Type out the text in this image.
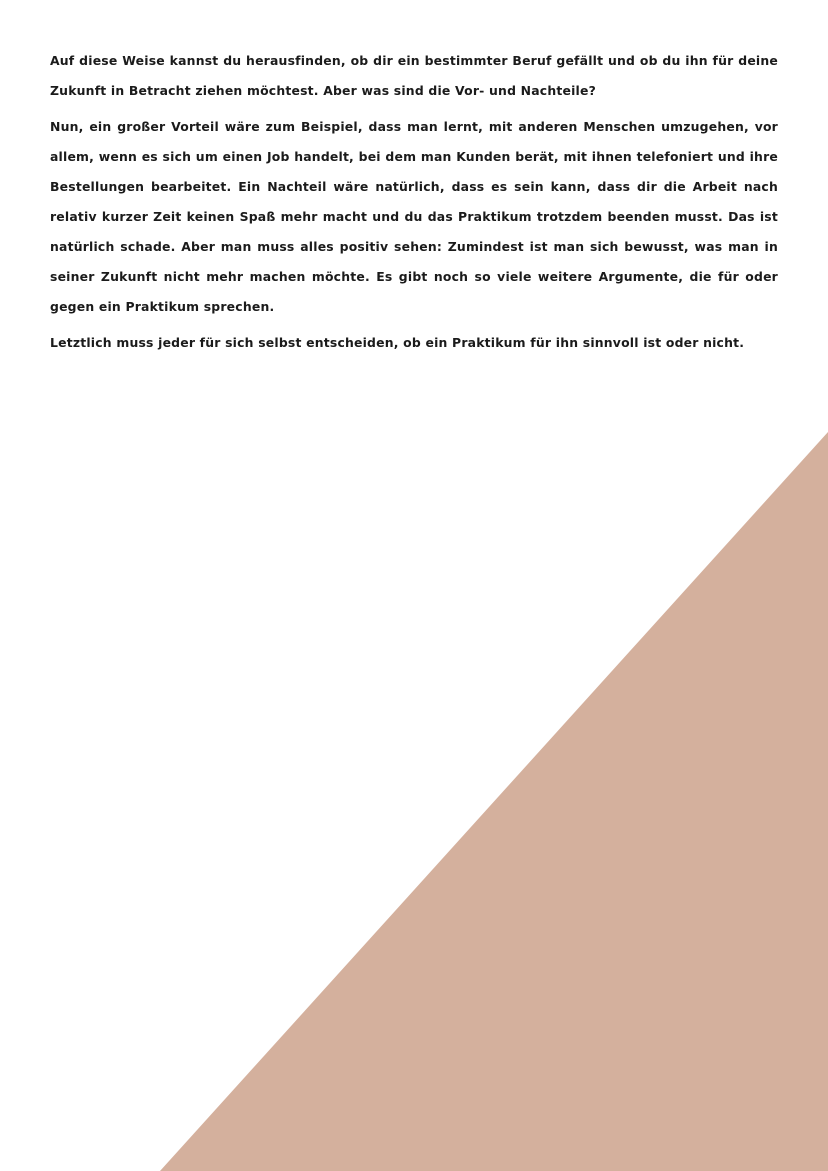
Auf diese Weise kannst du herausfinden, ob dir ein bestimmter Beruf gefällt und ob du ihn für deine Zukunft in Betracht ziehen möchtest. Aber was sind die Vor- und Nachteile?

Nun, ein großer Vorteil wäre zum Beispiel, dass man lernt, mit anderen Menschen umzugehen, vor allem, wenn es sich um einen Job handelt, bei dem man Kunden berät, mit ihnen telefoniert und ihre Bestellungen bearbeitet. Ein Nachteil wäre natürlich, dass es sein kann, dass dir die Arbeit nach relativ kurzer Zeit keinen Spaß mehr macht und du das Praktikum trotzdem beenden musst. Das ist natürlich schade. Aber man muss alles positiv sehen: Zumindest ist man sich bewusst, was man in seiner Zukunft nicht mehr machen möchte. Es gibt noch so viele weitere Argumente, die für oder gegen ein Praktikum sprechen.

Letztlich muss jeder für sich selbst entscheiden, ob ein Praktikum für ihn sinnvoll ist oder nicht.
